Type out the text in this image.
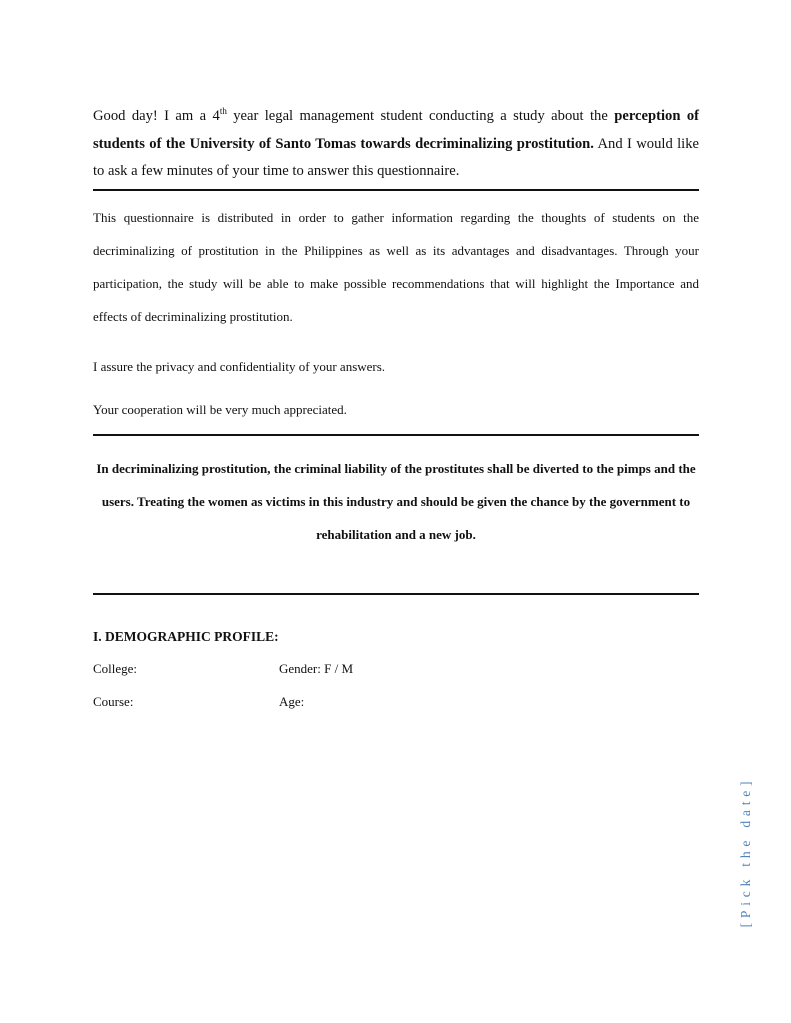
Good day! I am a 4th year legal management student conducting a study about the perception of students of the University of Santo Tomas towards decriminalizing prostitution. And I would like to ask a few minutes of your time to answer this questionnaire.

This questionnaire is distributed in order to gather information regarding the thoughts of students on the decriminalizing of prostitution in the Philippines as well as its advantages and disadvantages. Through your participation, the study will be able to make possible recommendations that will highlight the Importance and effects of decriminalizing prostitution.

I assure the privacy and confidentiality of your answers.

Your cooperation will be very much appreciated.

In decriminalizing prostitution, the criminal liability of the prostitutes shall be diverted to the pimps and the users. Treating the women as victims in this industry and should be given the chance by the government to rehabilitation and a new job.

I. DEMOGRAPHIC PROFILE:
College:	Gender: F / M
Course:	Age:
[Pick the date]
